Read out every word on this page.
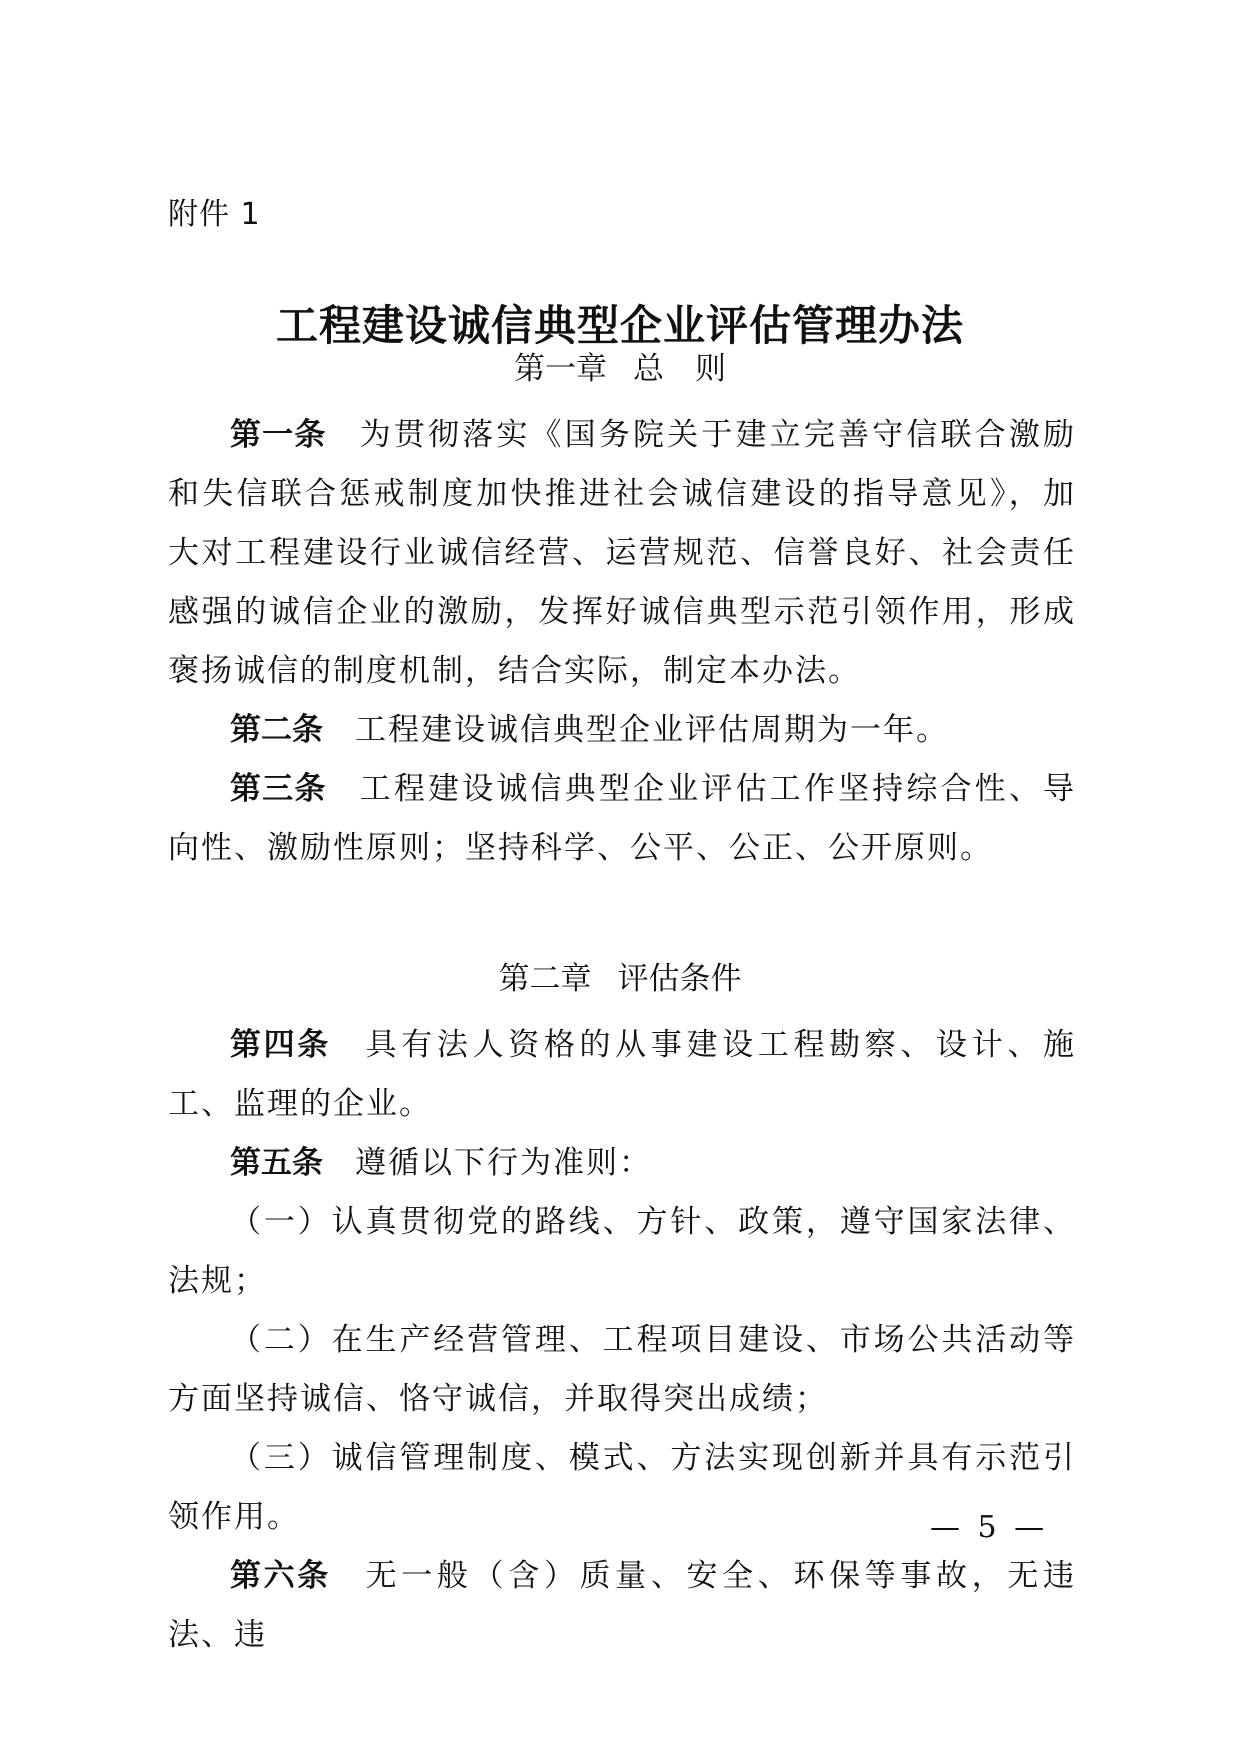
附件 1
工程建设诚信典型企业评估管理办法
第一章 总　则

第一条 为贯彻落实《国务院关于建立完善守信联合激励和失信联合惩戒制度加快推进社会诚信建设的指导意见》，加大对工程建设行业诚信经营、运营规范、信誉良好、社会责任感强的诚信企业的激励，发挥好诚信典型示范引领作用，形成褒扬诚信的制度机制，结合实际，制定本办法。

第二条 工程建设诚信典型企业评估周期为一年。

第三条 工程建设诚信典型企业评估工作坚持综合性、导向性、激励性原则；坚持科学、公平、公正、公开原则。

第二章 评估条件

第四条 具有法人资格的从事建设工程勘察、设计、施工、监理的企业。

第五条 遵循以下行为准则：

（一）认真贯彻党的路线、方针、政策，遵守国家法律、法规；

（二）在生产经营管理、工程项目建设、市场公共活动等方面坚持诚信、恪守诚信，并取得突出成绩；

（三）诚信管理制度、模式、方法实现创新并具有示范引领作用。

第六条 无一般（含）质量、安全、环保等事故，无违法、违

— 5 —
